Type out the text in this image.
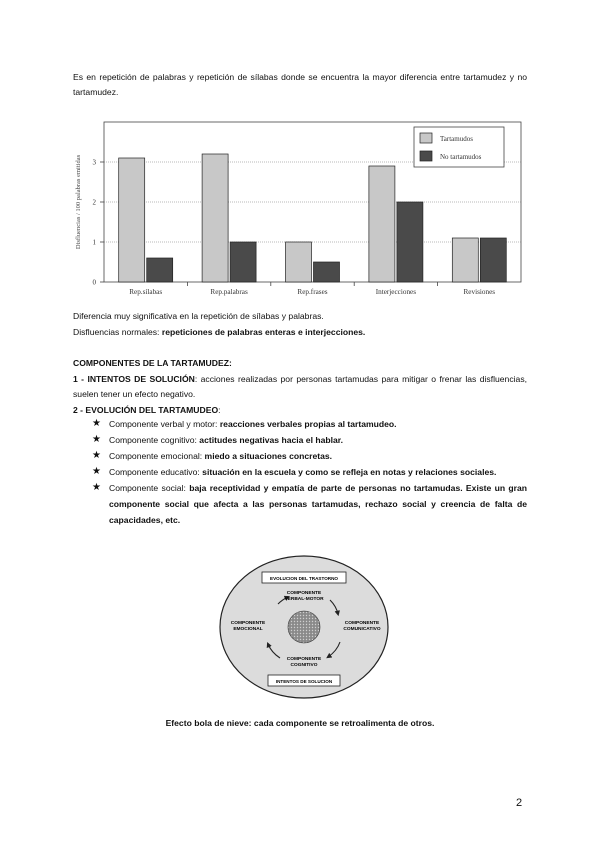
Es en repetición de palabras y repetición de sílabas donde se encuentra la mayor diferencia entre tartamudez y no tartamudez.
0
1
2
3
Disfluencias / 100 palabras emitidas
Rep.sílabas	Rep.palabras	Rep.frases	Interjecciones	Revisiones
Tartamudos
No tartamudos
Diferencia muy significativa en la repetición de sílabas y palabras.
Disfluencias normales: repeticiones de palabras enteras e interjecciones.
COMPONENTES DE LA TARTAMUDEZ:
1 - INTENTOS DE SOLUCIÓN: acciones realizadas por personas tartamudas para mitigar o frenar las disfluencias, suelen tener un efecto negativo.
2 - EVOLUCIÓN DEL TARTAMUDEO:
★ Componente verbal y motor: reacciones verbales propias al tartamudeo.
★ Componente cognitivo: actitudes negativas hacia el hablar.
★ Componente emocional: miedo a situaciones concretas.
★ Componente educativo: situación en la escuela y como se refleja en notas y relaciones sociales.
★ Componente social: baja receptividad y empatía de parte de personas no tartamudas. Existe un gran componente social que afecta a las personas tartamudas, rechazo social y creencia de falta de capacidades, etc.
EVOLUCION DEL TRASTORNO
INTENTOS DE SOLUCION
COMPONENTE
VERBAL-MOTOR
COMPONENTE
COMUNICATIVO
COMPONENTE
EMOCIONAL
COMPONENTE
COGNITIVO
Efecto bola de nieve: cada componente se retroalimenta de otros.
2
